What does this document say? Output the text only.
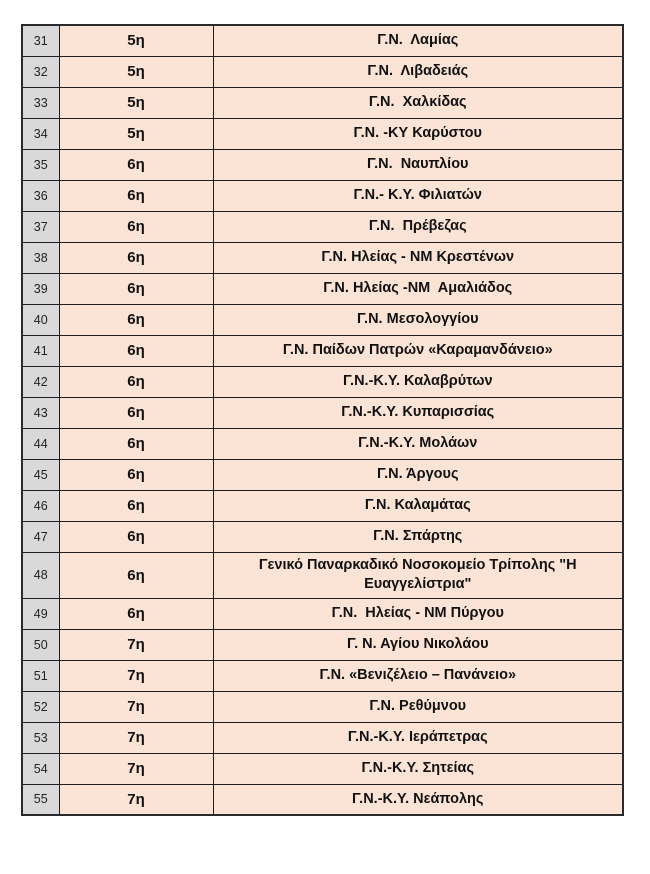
31	5η	Γ.Ν.  Λαμίας
32	5η	Γ.Ν.  Λιβαδειάς
33	5η	Γ.Ν.  Χαλκίδας
34	5η	Γ.Ν. -ΚΥ Καρύστου
35	6η	Γ.Ν.  Ναυπλίου
36	6η	Γ.Ν.- Κ.Υ. Φιλιατών
37	6η	Γ.Ν.  Πρέβεζας
38	6η	Γ.Ν. Ηλείας - ΝΜ Κρεστένων
39	6η	Γ.Ν. Ηλείας -ΝΜ  Αμαλιάδος
40	6η	Γ.Ν. Μεσολογγίου
41	6η	Γ.Ν. Παίδων Πατρών «Καραμανδάνειο»
42	6η	Γ.Ν.-Κ.Υ. Καλαβρύτων
43	6η	Γ.Ν.-Κ.Υ. Κυπαρισσίας
44	6η	Γ.Ν.-Κ.Υ. Μολάων
45	6η	Γ.Ν. Άργους
46	6η	Γ.Ν. Καλαμάτας
47	6η	Γ.Ν. Σπάρτης
48	6η	Γενικό Παναρκαδικό Νοσοκομείο Τρίπολης "Η Ευαγγελίστρια"
49	6η	Γ.Ν.  Ηλείας - ΝΜ Πύργου
50	7η	Γ. Ν. Αγίου Νικολάου
51	7η	Γ.Ν. «Βενιζέλειο – Πανάνειο»
52	7η	Γ.Ν. Ρεθύμνου
53	7η	Γ.Ν.-Κ.Υ. Ιεράπετρας
54	7η	Γ.Ν.-Κ.Υ. Σητείας
55	7η	Γ.Ν.-Κ.Υ. Νεάπολης
